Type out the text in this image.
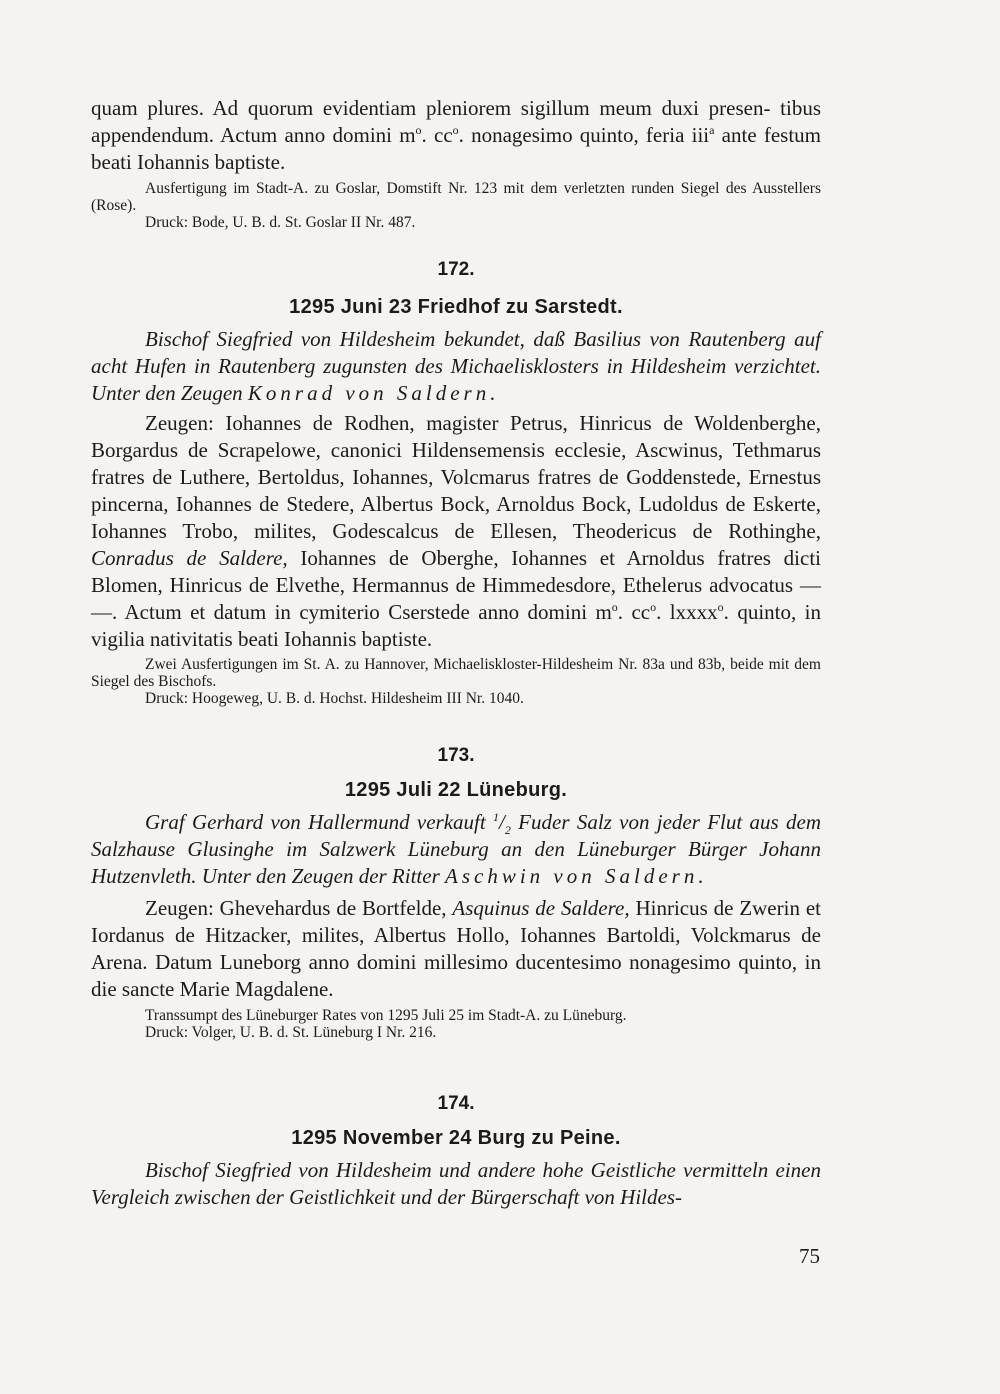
quam plures. Ad quorum evidentiam pleniorem sigillum meum duxi presen- tibus appendendum. Actum anno domini $m^o$. $cc^o$. nonagesimo quinto, feria iii$^a$ ante festum beati Iohannis baptiste.

Ausfertigung im Stadt-A. zu Goslar, Domstift Nr. 123 mit dem verletzten runden Siegel des Ausstellers (Rose).

Druck: Bode, U. B. d. St. Goslar II Nr. 487.

172.

1295 Juni 23 Friedhof zu Sarstedt.

Bischof Siegfried von Hildesheim bekundet, daß Basilius von Rautenberg auf acht Hufen in Rautenberg zugunsten des Michaelisklosters in Hildesheim verzichtet. Unter den Zeugen Konrad von Saldern.

Zeugen: Iohannes de Rodhen, magister Petrus, Hinricus de Woldenberghe, Borgardus de Scrapelowe, canonici Hildensemensis ecclesie, Ascwinus, Tethmarus fratres de Luthere, Bertoldus, Iohannes, Volcmarus fratres de Goddenstede, Ernestus pincerna, Iohannes de Stedere, Albertus Bock, Arnoldus Bock, Ludoldus de Eskerte, Iohannes Trobo, milites, Godescalcus de Ellesen, Theodericus de Rothinghe, Conradus de Saldere, Iohannes de Oberghe, Iohannes et Arnoldus fratres dicti Blomen, Hinricus de Elvethe, Hermannus de Himmedesdore, Ethelerus advocatus — —. Actum et datum in cymiterio Cserstede anno domini $m^o$. $cc^o$. lxxxx$^o$. quinto, in vigilia nativitatis beati Iohannis baptiste.

Zwei Ausfertigungen im St. A. zu Hannover, Michaeliskloster-Hildesheim Nr. 83a und 83b, beide mit dem Siegel des Bischofs.

Druck: Hoogeweg, U. B. d. Hochst. Hildesheim III Nr. 1040.

173.

1295 Juli 22 Lüneburg.

Graf Gerhard von Hallermund verkauft $^1/_2$ Fuder Salz von jeder Flut aus dem Salzhause Glusinghe im Salzwerk Lüneburg an den Lüneburger Bürger Johann Hutzenvleth. Unter den Zeugen der Ritter Aschwin von Saldern.

Zeugen: Ghevehardus de Bortfelde, Asquinus de Saldere, Hinricus de Zwerin et Iordanus de Hitzacker, milites, Albertus Hollo, Iohannes Bartoldi, Volckmarus de Arena. Datum Luneborg anno domini millesimo ducentesimo nonagesimo quinto, in die sancte Marie Magdalene.

Transsumpt des Lüneburger Rates von 1295 Juli 25 im Stadt-A. zu Lüneburg.

Druck: Volger, U. B. d. St. Lüneburg I Nr. 216.

174.

1295 November 24 Burg zu Peine.

Bischof Siegfried von Hildesheim und andere hohe Geistliche vermitteln einen Vergleich zwischen der Geistlichkeit und der Bürgerschaft von Hildes-

75
